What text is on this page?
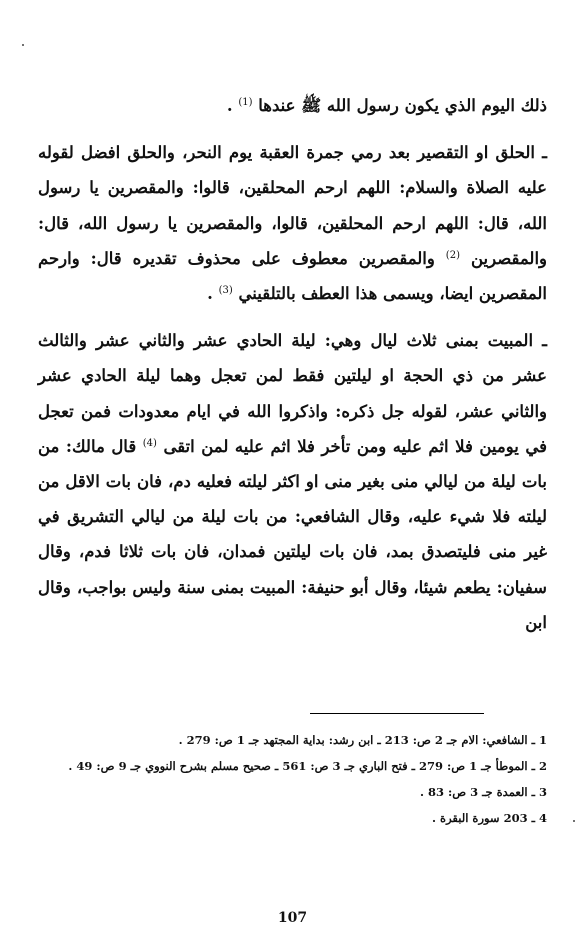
ذلك اليوم الذي يكون رسول الله ﷺ عندها $^{(1)}$ .

ـ الحلق او التقصير بعد رمي جمرة العقبة يوم النحر، والحلق افضل لقوله عليه الصلاة والسلام: اللهم ارحم المحلقين، قالوا: والمقصرين يا رسول الله، قال: اللهم ارحم المحلقين، قالوا، والمقصرين يا رسول الله، قال: والمقصرين $^{(2)}$ والمقصرين معطوف على محذوف تقديره قال: وارحم المقصرين ايضا، ويسمى هذا العطف بالتلقيني $^{(3)}$ .

ـ المبيت بمنى ثلاث ليال وهي: ليلة الحادي عشر والثاني عشر والثالث عشر من ذي الحجة او ليلتين فقط لمن تعجل وهما ليلة الحادي عشر والثاني عشر، لقوله جل ذكره: واذكروا الله في ايام معدودات فمن تعجل في يومين فلا اثم عليه ومن تأخر فلا اثم عليه لمن اتقى $^{(4)}$ قال مالك: من بات ليلة من ليالي منى بغير منى او اكثر ليلته فعليه دم، فان بات الاقل من ليلته فلا شيء عليه، وقال الشافعي: من بات ليلة من ليالي التشريق في غير منى فليتصدق بمد، فان بات ليلتين فمدان، فان بات ثلاثا فدم، وقال سفيان: يطعم شيئا، وقال أبو حنيفة: المبيت بمنى سنة وليس بواجب، وقال ابن

1 ـ الشافعي: الام جـ 2 ص: 213 ـ ابن رشد: بداية المجتهد جـ 1 ص: 279 .

2 ـ الموطأ جـ 1 ص: 279 ـ فتح الباري جـ 3 ص: 561 ـ صحيح مسلم بشرح النووي جـ 9 ص: 49 .

3 ـ العمدة جـ 3 ص: 83 .

4 ـ 203 سورة البقرة .

107
